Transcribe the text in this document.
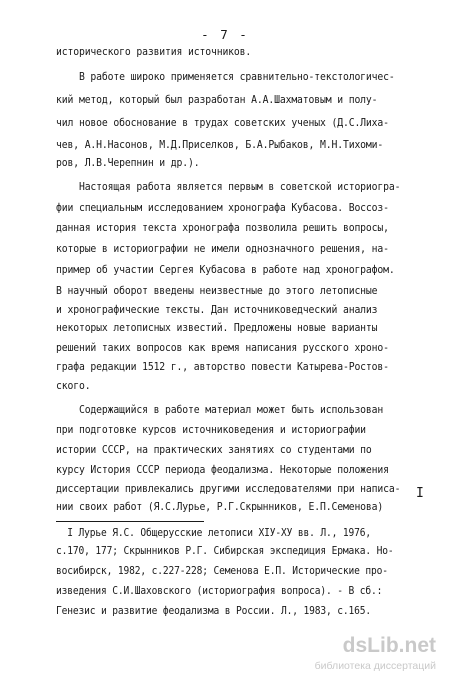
- 7 -
исторического развития источников.
В работе широко применяется сравнительно-текстологичес-
кий метод, который был разработан А.А.Шахматовым и полу-
чил новое обоснование в трудах советских ученых (Д.С.Лиха-
чев, А.Н.Насонов, М.Д.Приселков, Б.А.Рыбаков, М.Н.Тихоми-
ров, Л.В.Черепнин и др.).
Настоящая работа является первым в советской историогра-
фии специальным исследованием хронографа Кубасова. Воссоз-
данная история текста хронографа позволила решить вопросы,
которые в историографии не имели однозначного решения, на-
пример об участии Сергея Кубасова в работе над хронографом.
В научный оборот введены неизвестные до этого летописные
и хронографические тексты. Дан источниковедческий анализ
некоторых летописных известий. Предложены новые варианты
решений таких вопросов как время написания русского хроно-
графа редакции 1512 г., авторство повести Катырева-Ростов-
ского.
Содержащийся в работе материал может быть использован
при подготовке курсов источниковедения и историографии
истории СССР, на практических занятиях со студентами по
курсу История СССР периода феодализма. Некоторые положения
диссертации привлекались другими исследователями при написа-
нии своих работ (Я.С.Лурье, Р.Г.Скрынников, Е.П.Семенова)
I
I Лурье Я.С. Общерусские летописи XIУ-ХУ вв. Л., 1976,
с.170, 177; Скрынников Р.Г. Сибирская экспедиция Ермака. Но-
восибирск, 1982, с.227-228; Семенова Е.П. Исторические про-
изведения С.И.Шаховского (историография вопроса). - В сб.:
Генезис и развитие феодализма в России. Л., 1983, с.165.
dsLib.net
библиотека диссертаций
